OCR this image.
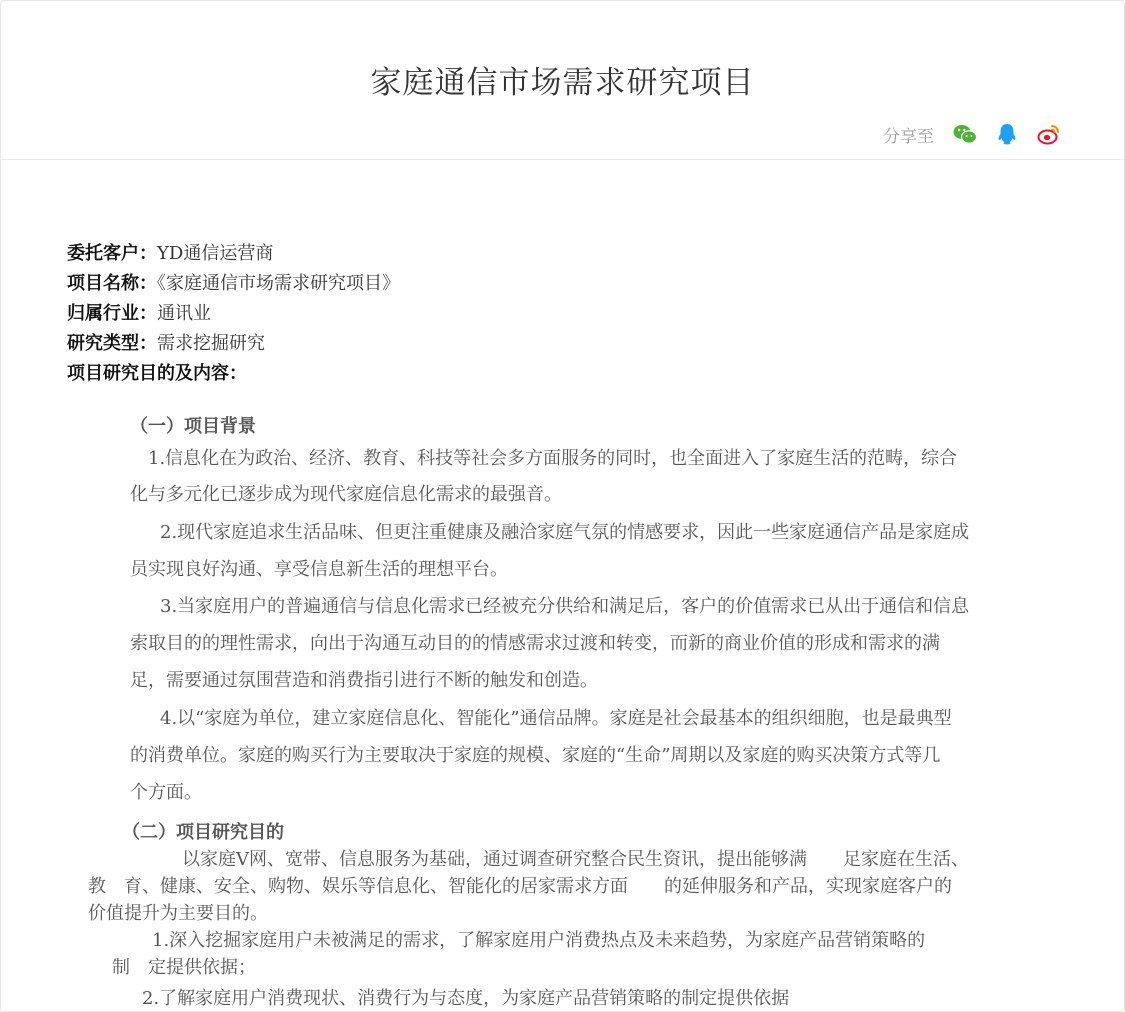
家庭通信市场需求研究项目
分享至
委托客户：YD通信运营商
项目名称：《家庭通信市场需求研究项目》
归属行业：通讯业
研究类型：需求挖掘研究
项目研究目的及内容：
（一）项目背景
1.信息化在为政治、经济、教育、科技等社会多方面服务的同时，也全面进入了家庭生活的范畴，综合
化与多元化已逐步成为现代家庭信息化需求的最强音。
2.现代家庭追求生活品味、但更注重健康及融洽家庭气氛的情感要求，因此一些家庭通信产品是家庭成
员实现良好沟通、享受信息新生活的理想平台。
3.当家庭用户的普遍通信与信息化需求已经被充分供给和满足后，客户的价值需求已从出于通信和信息
索取目的的理性需求，向出于沟通互动目的的情感需求过渡和转变，而新的商业价值的形成和需求的满
足，需要通过氛围营造和消费指引进行不断的触发和创造。
4.以“家庭为单位，建立家庭信息化、智能化”通信品牌。家庭是社会最基本的组织细胞，也是最典型
的消费单位。家庭的购买行为主要取决于家庭的规模、家庭的“生命”周期以及家庭的购买决策方式等几
个方面。
（二）项目研究目的
以家庭V网、宽带、信息服务为基础，通过调查研究整合民生资讯，提出能够满　　足家庭在生活、
教　育、健康、安全、购物、娱乐等信息化、智能化的居家需求方面　　的延伸服务和产品，实现家庭客户的
价值提升为主要目的。
1.深入挖掘家庭用户未被满足的需求，了解家庭用户消费热点及未来趋势，为家庭产品营销策略的
制　定提供依据；
2.了解家庭用户消费现状、消费行为与态度，为家庭产品营销策略的制定提供依据
